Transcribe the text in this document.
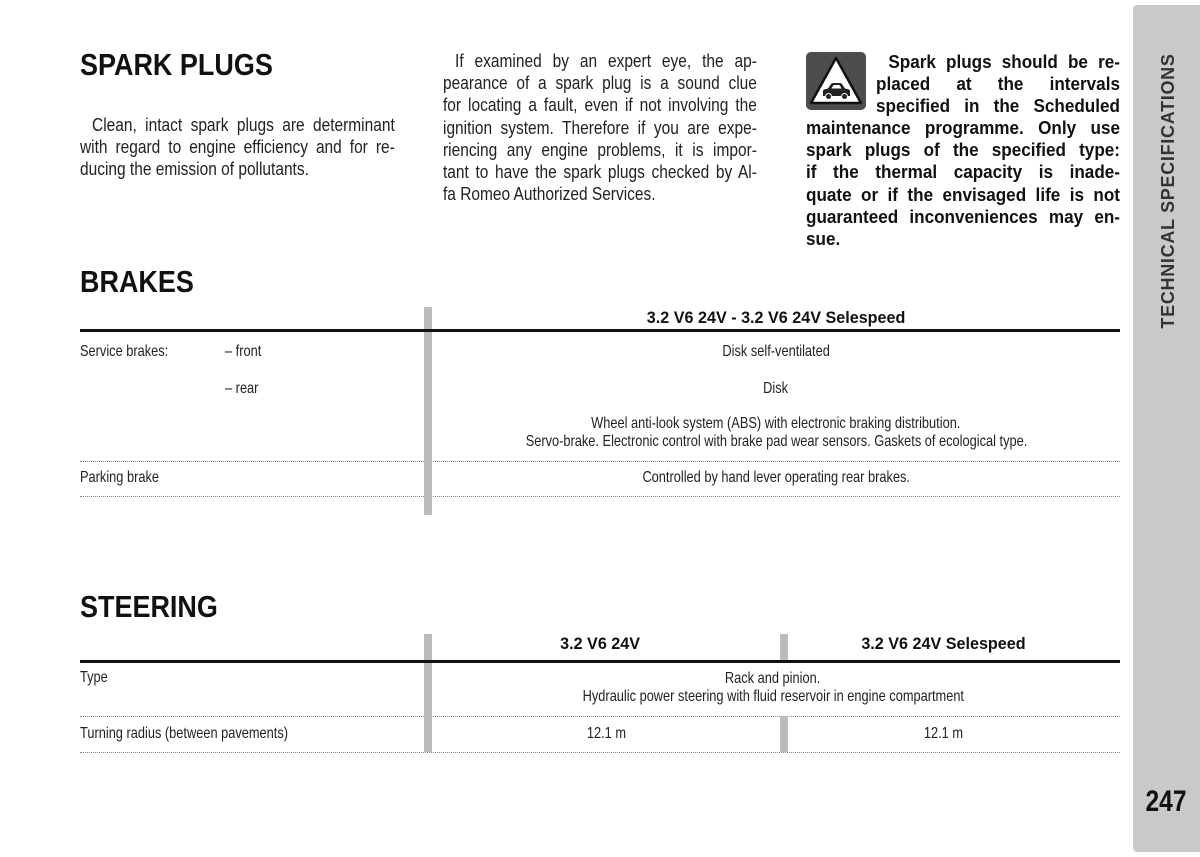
TECHNICAL SPECIFICATIONS
247
SPARK PLUGS
Clean, intact spark plugs are determinant
with regard to engine efficiency and for re-
ducing the emission of pollutants.
If examined by an expert eye, the ap-
pearance of a spark plug is a sound clue
for locating a fault, even if not involving the
ignition system. Therefore if you are expe-
riencing any engine problems, it is impor-
tant to have the spark plugs checked by Al-
fa Romeo Authorized Services.
Spark plugs should be re-
placed at the intervals
specified in the Scheduled
maintenance programme. Only use
spark plugs of the specified type:
if the thermal capacity is inade-
quate or if the envisaged life is not
guaranteed inconveniences may en-
sue.
BRAKES
3.2 V6 24V - 3.2 V6 24V Selespeed
Service brakes:	– front	Disk self-ventilated
– rear	Disk
Wheel anti-look system (ABS) with electronic braking distribution.
Servo-brake. Electronic control with brake pad wear sensors. Gaskets of ecological type.
Parking brake	Controlled by hand lever operating rear brakes.
STEERING
3.2 V6 24V	3.2 V6 24V Selespeed
Type	Rack and pinion.
Hydraulic power steering with fluid reservoir in engine compartment
Turning radius (between pavements)	12.1 m	12.1 m
